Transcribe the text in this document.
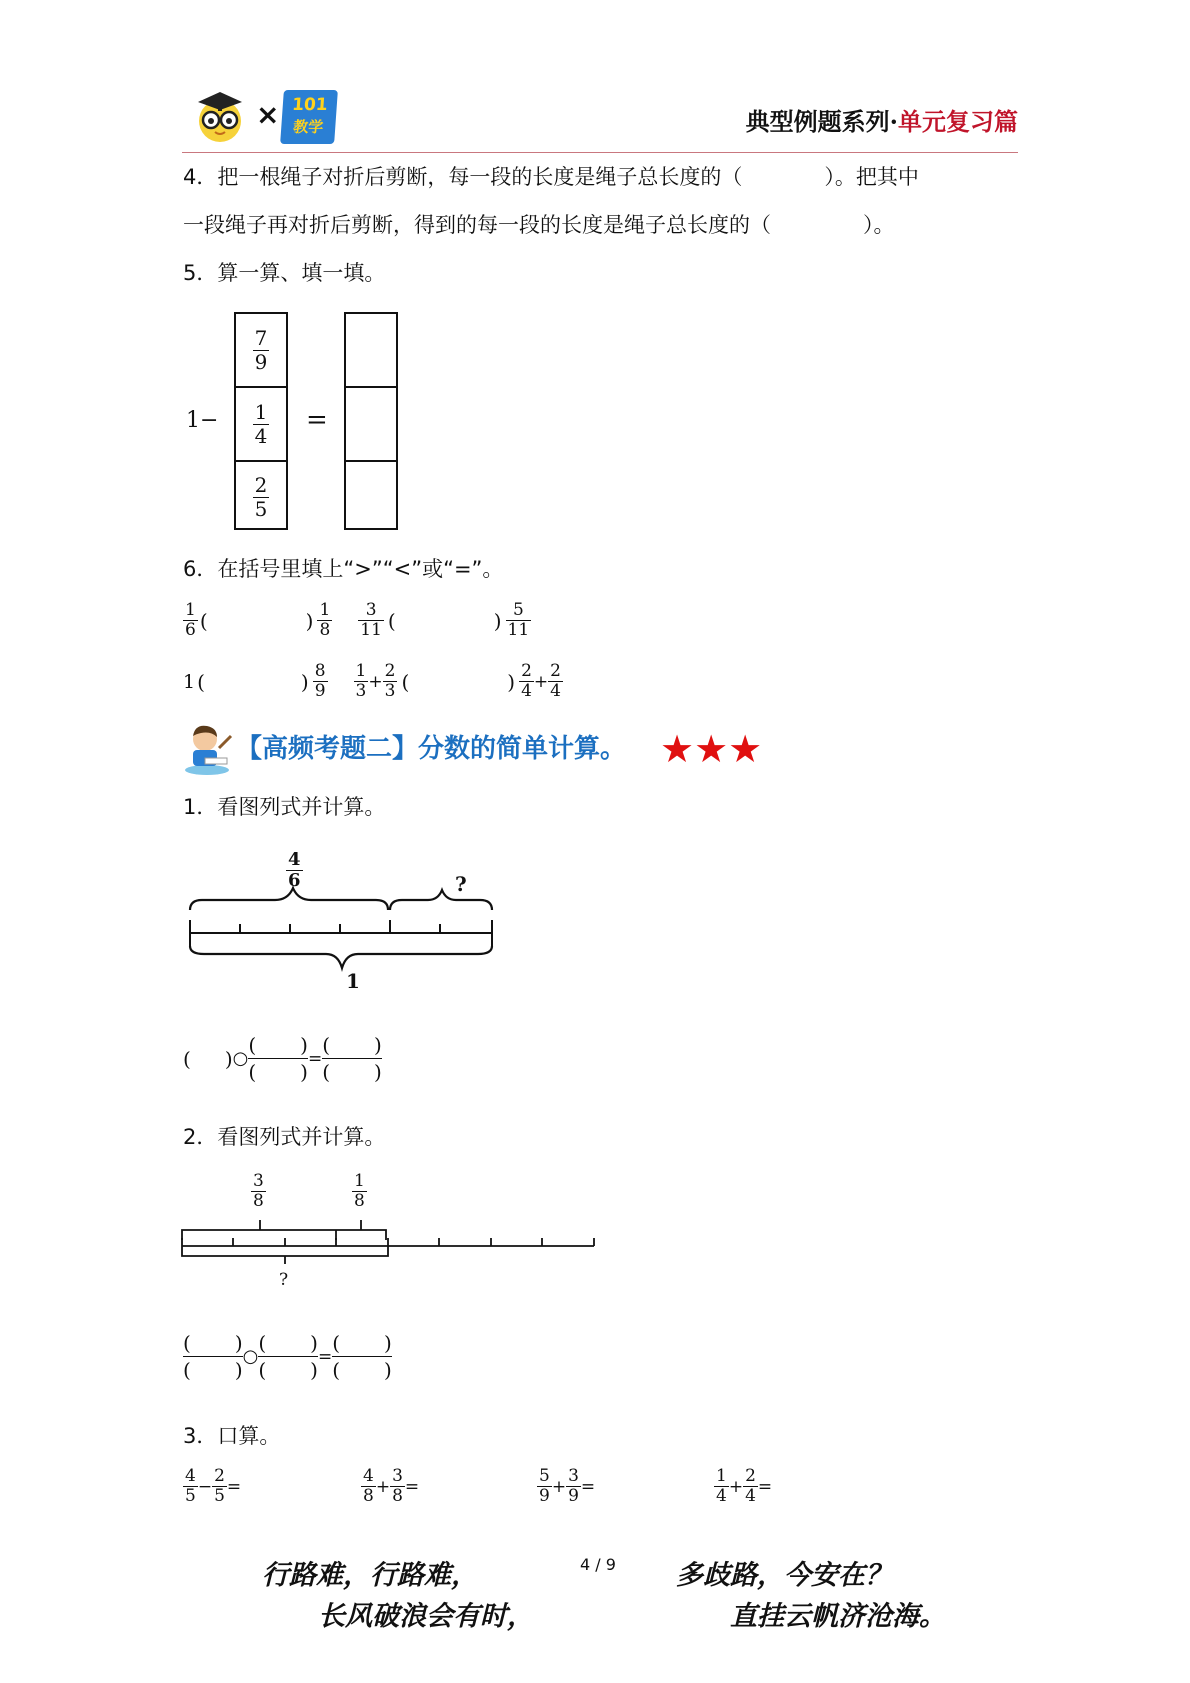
× 101
教学	典型例题系列·单元复习篇
4．把一根绳子对折后剪断，每一段的长度是绳子总长度的（	）。把其中
一段绳子再对折后剪断，得到的每一段的长度是绳子总长度的（	）。
5．算一算、填一填。
1−
$\frac{7}{9}$
$\frac{1}{4}$
$\frac{2}{5}$
=
6．在括号里填上“>”“<”或“=”。
$\frac{1}{6}$ (	) $\frac{1}{8} \frac{3}{11}$ (	) $\frac{5}{11}$
1 (	) $\frac{8}{9} \frac{1}{3} + \frac{2}{3}$ (	) $\frac{2}{4} + \frac{2}{4}$
【高频考题二】分数的简单计算。 ★★★
1．看图列式并计算。
4
6	?
1
( ) ○ $\frac{( )}{( )} = \frac{( )}{( )}$
2．看图列式并计算。
3
8
1
8
?
$\frac{( )}{( )}$ ○ $\frac{( )}{( )} = \frac{( )}{( )}$
3．口算。
$\frac{4}{5} - \frac{2}{5}$ =	$\frac{4}{8} + \frac{3}{8}$ =	$\frac{5}{9} + \frac{3}{9}$ =	$\frac{1}{4} + \frac{2}{4}$ =
行路难，行路难，	4 / 9 多歧路，今安在？
长风破浪会有时，	直挂云帆济沧海。
